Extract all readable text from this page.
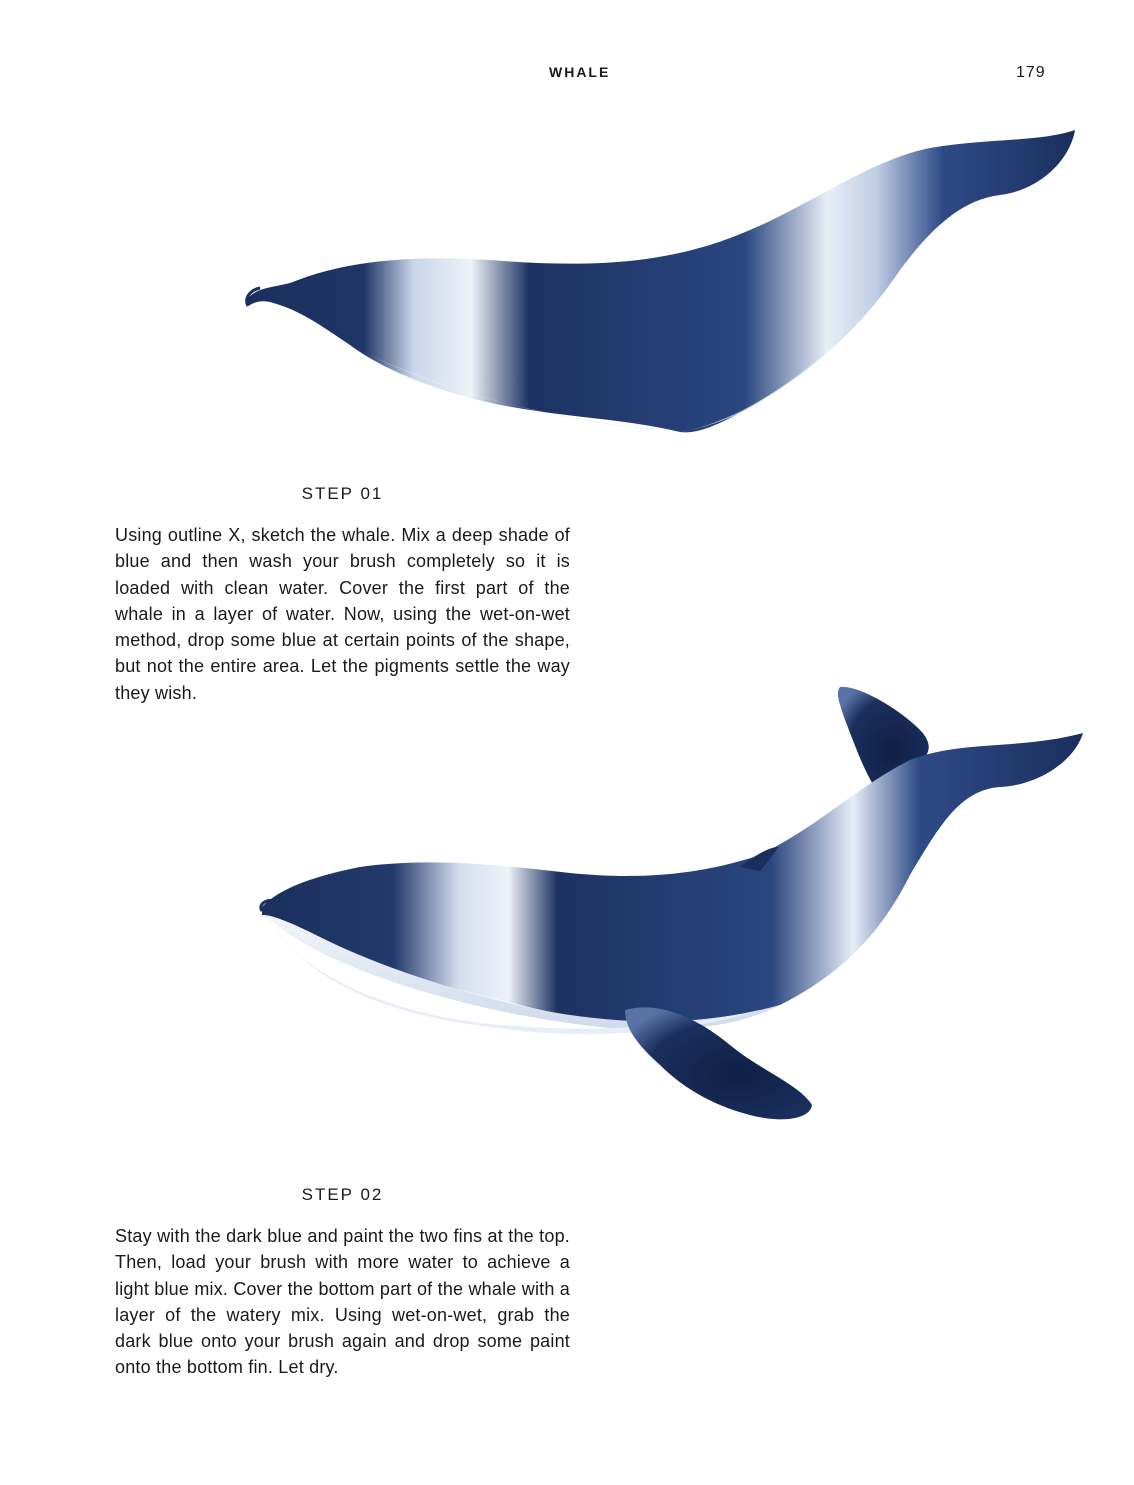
WHALE	179
STEP 01

Using outline X, sketch the whale. Mix a deep shade of blue and then wash your brush completely so it is loaded with clean water. Cover the first part of the whale in a layer of water. Now, using the wet-on-wet method, drop some blue at certain points of the shape, but not the entire area. Let the pigments settle the way they wish.

STEP 02

Stay with the dark blue and paint the two fins at the top. Then, load your brush with more water to achieve a light blue mix. Cover the bottom part of the whale with a layer of the watery mix. Using wet-on-wet, grab the dark blue onto your brush again and drop some paint onto the bottom fin. Let dry.
